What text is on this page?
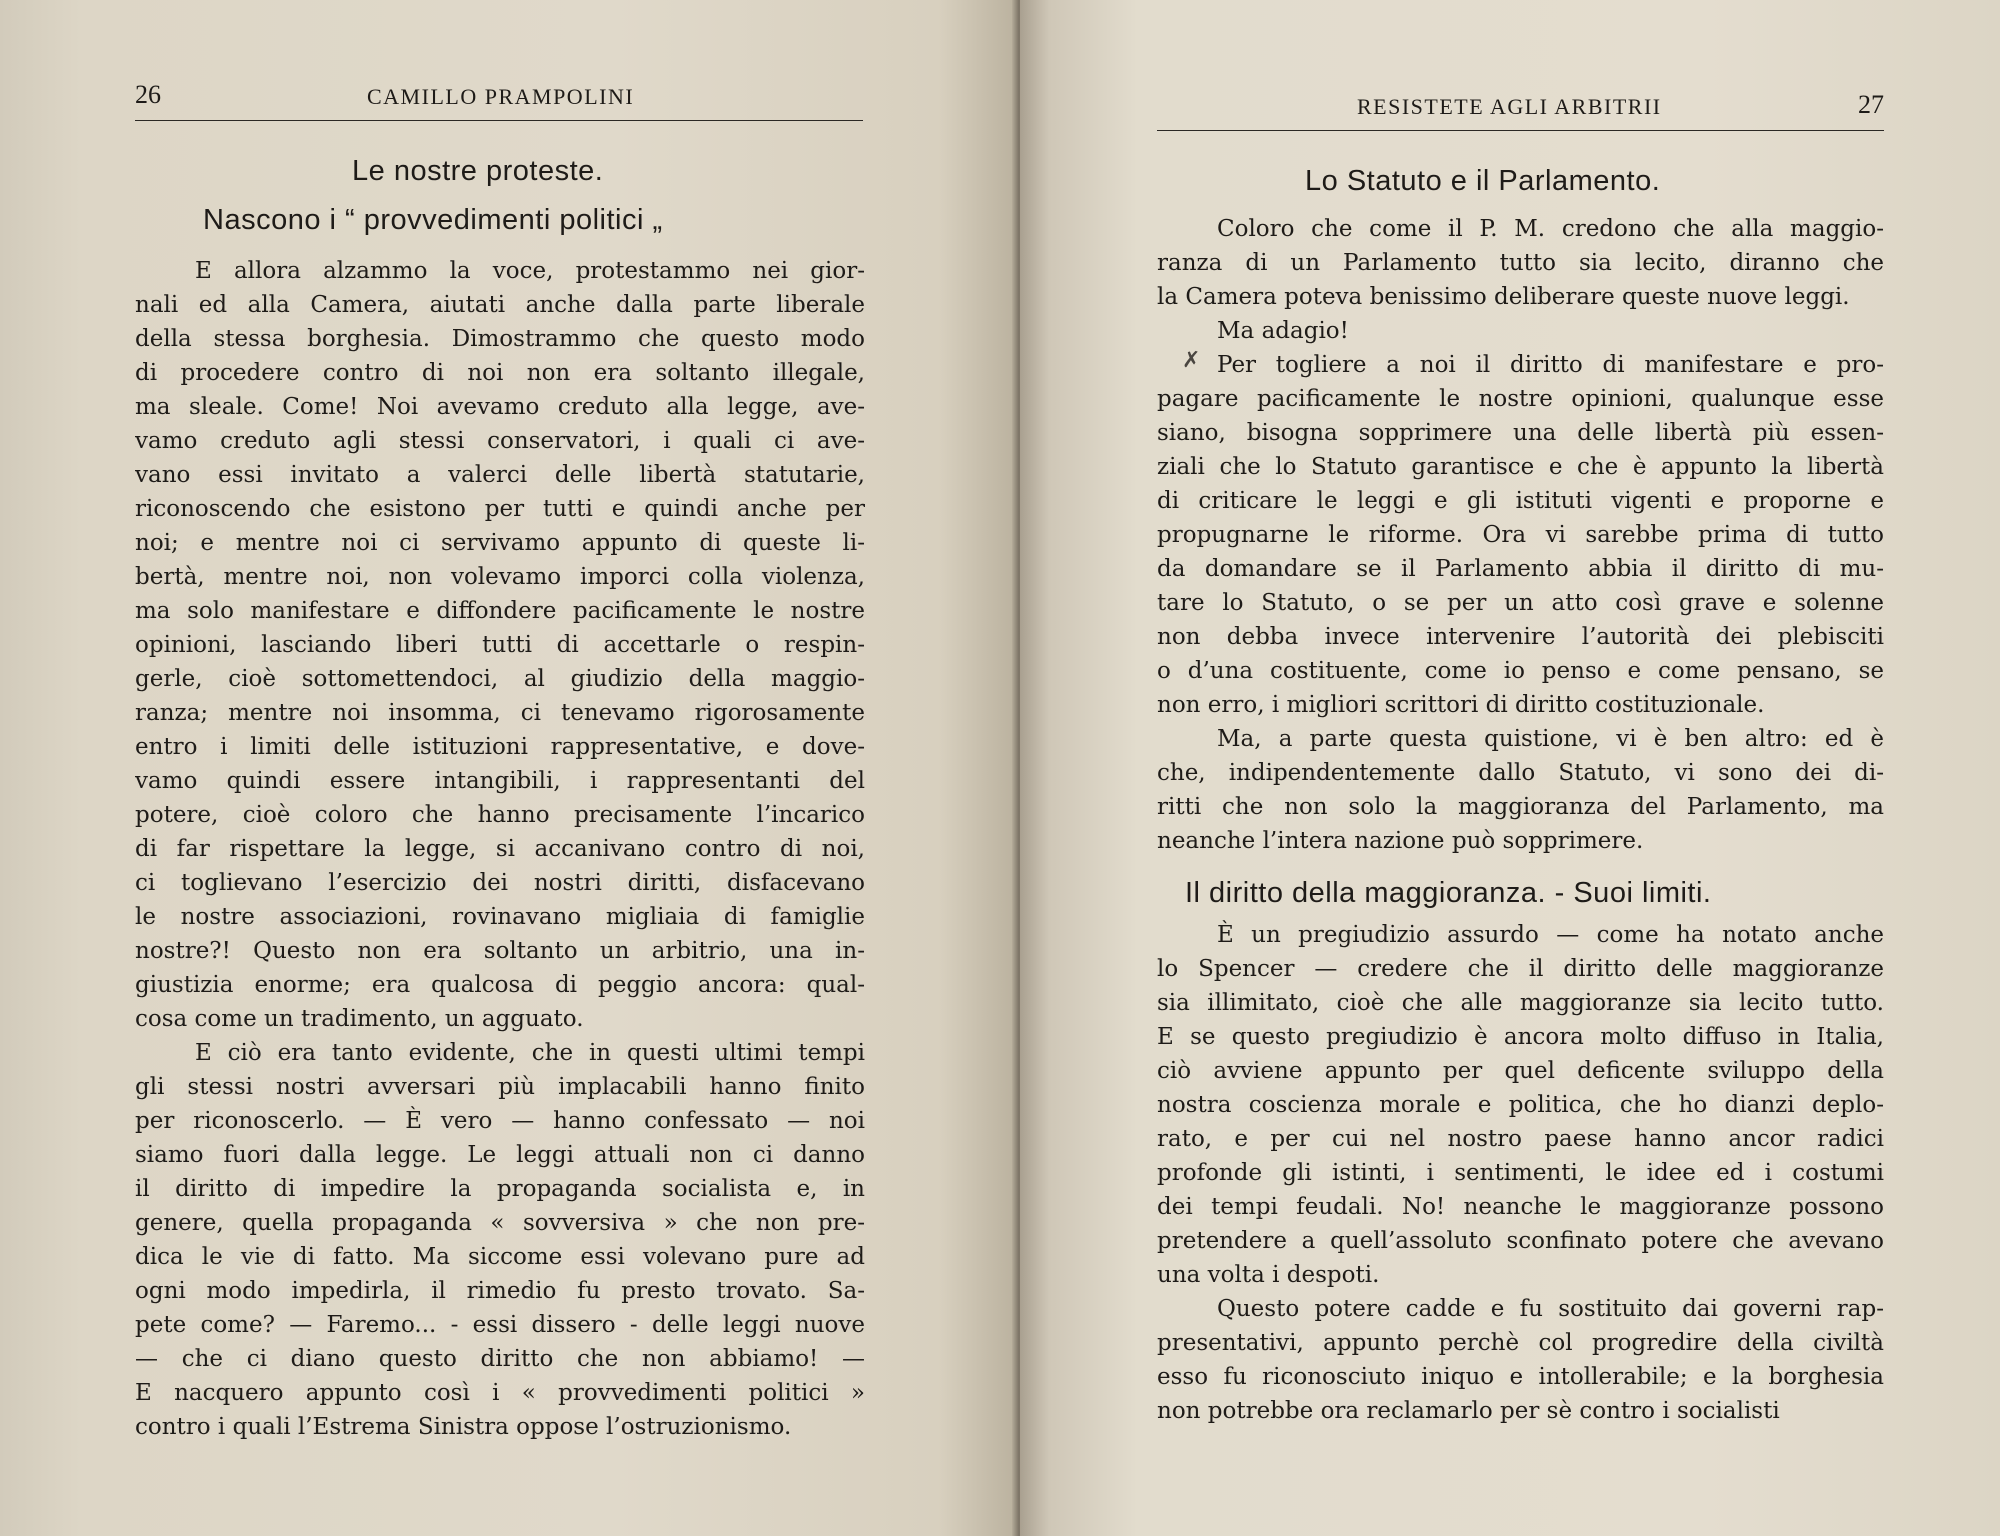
26	CAMILLO PRAMPOLINI
Le nostre proteste.
Nascono i “ provvedimenti politici „

E allora alzammo la voce, protestammo nei gior-
nali ed alla Camera, aiutati anche dalla parte liberale
della stessa borghesia. Dimostrammo che questo modo
di procedere contro di noi non era soltanto illegale,
ma sleale. Come! Noi avevamo creduto alla legge, ave-
vamo creduto agli stessi conservatori, i quali ci ave-
vano essi invitato a valerci delle libertà statutarie,
riconoscendo che esistono per tutti e quindi anche per
noi; e mentre noi ci servivamo appunto di queste li-
bertà, mentre noi, non volevamo imporci colla violenza,
ma solo manifestare e diffondere pacificamente le nostre
opinioni, lasciando liberi tutti di accettarle o respin-
gerle, cioè sottomettendoci, al giudizio della maggio-
ranza; mentre noi insomma, ci tenevamo rigorosamente
entro i limiti delle istituzioni rappresentative, e dove-
vamo quindi essere intangibili, i rappresentanti del
potere, cioè coloro che hanno precisamente l’incarico
di far rispettare la legge, si accanivano contro di noi,
ci toglievano l’esercizio dei nostri diritti, disfacevano
le nostre associazioni, rovinavano migliaia di famiglie
nostre?! Questo non era soltanto un arbitrio, una in-
giustizia enorme; era qualcosa di peggio ancora: qual-
cosa come un tradimento, un agguato.

E ciò era tanto evidente, che in questi ultimi tempi
gli stessi nostri avversari più implacabili hanno finito
per riconoscerlo. — È vero — hanno confessato — noi
siamo fuori dalla legge. Le leggi attuali non ci danno
il diritto di impedire la propaganda socialista e, in
genere, quella propaganda « sovversiva » che non pre-
dica le vie di fatto. Ma siccome essi volevano pure ad
ogni modo impedirla, il rimedio fu presto trovato. Sa-
pete come? — Faremo... - essi dissero - delle leggi nuove
— che ci diano questo diritto che non abbiamo! —
E nacquero appunto così i « provvedimenti politici »
contro i quali l’Estrema Sinistra oppose l’ostruzionismo.

RESISTETE AGLI ARBITRII	27
Lo Statuto e il Parlamento.

Coloro che come il P. M. credono che alla maggio-
ranza di un Parlamento tutto sia lecito, diranno che
la Camera poteva benissimo deliberare queste nuove leggi.

Ma adagio!

Per togliere a noi il diritto di manifestare e pro-
pagare pacificamente le nostre opinioni, qualunque esse
siano, bisogna sopprimere una delle libertà più essen-
ziali che lo Statuto garantisce e che è appunto la libertà
di criticare le leggi e gli istituti vigenti e proporne e
propugnarne le riforme. Ora vi sarebbe prima di tutto
da domandare se il Parlamento abbia il diritto di mu-
tare lo Statuto, o se per un atto così grave e solenne
non debba invece intervenire l’autorità dei plebisciti
o d’una costituente, come io penso e come pensano, se
non erro, i migliori scrittori di diritto costituzionale.

Ma, a parte questa quistione, vi è ben altro: ed è
che, indipendentemente dallo Statuto, vi sono dei di-
ritti che non solo la maggioranza del Parlamento, ma
neanche l’intera nazione può sopprimere.

Il diritto della maggioranza. - Suoi limiti.

È un pregiudizio assurdo — come ha notato anche
lo Spencer — credere che il diritto delle maggioranze
sia illimitato, cioè che alle maggioranze sia lecito tutto.
E se questo pregiudizio è ancora molto diffuso in Italia,
ciò avviene appunto per quel deficente sviluppo della
nostra coscienza morale e politica, che ho dianzi deplo-
rato, e per cui nel nostro paese hanno ancor radici
profonde gli istinti, i sentimenti, le idee ed i costumi
dei tempi feudali. No! neanche le maggioranze possono
pretendere a quell’assoluto sconfinato potere che avevano
una volta i despoti.

Questo potere cadde e fu sostituito dai governi rap-
presentativi, appunto perchè col progredire della civiltà
esso fu riconosciuto iniquo e intollerabile; e la borghesia
non potrebbe ora reclamarlo per sè contro i socialisti

✗
